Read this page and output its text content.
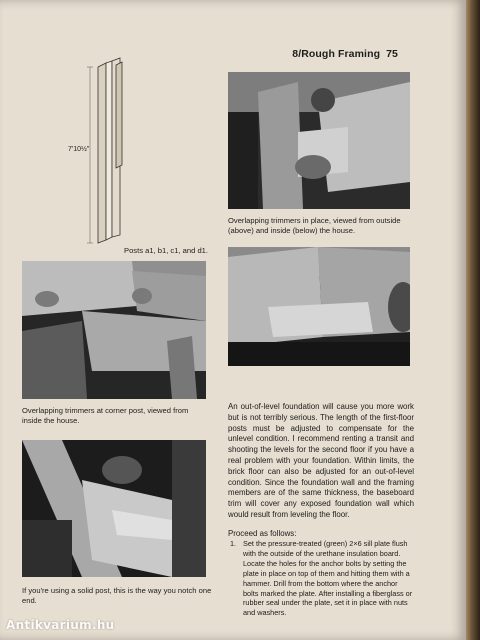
8/Rough Framing 75
7'10½"
Posts a1, b1, c1, and d1.
Overlapping trimmers in place, viewed from outside (above) and inside (below) the house.
Overlapping trimmers at corner post, viewed from inside the house.
If you're using a solid post, this is the way you notch one end.

An out-of-level foundation will cause you more work but is not terribly serious. The length of the first-floor posts must be adjusted to compensate for the unlevel condition. I recommend renting a transit and shooting the levels for the second floor if you have a real problem with your foundation. Within limits, the brick floor can also be adjusted for an out-of-level condition. Since the foundation wall and the framing members are of the same thickness, the baseboard trim will cover any exposed foundation wall which would result from leveling the floor.

Proceed as follows:

1. Set the pressure-treated (green) 2×6 sill plate flush with the outside of the urethane insulation board. Locate the holes for the anchor bolts by setting the plate in place on top of them and hitting them with a hammer. Drill from the bottom where the anchor bolts marked the plate. After installing a fiberglass or rubber seal under the plate, set it in place with nuts and washers.
Antikvarium.hu
